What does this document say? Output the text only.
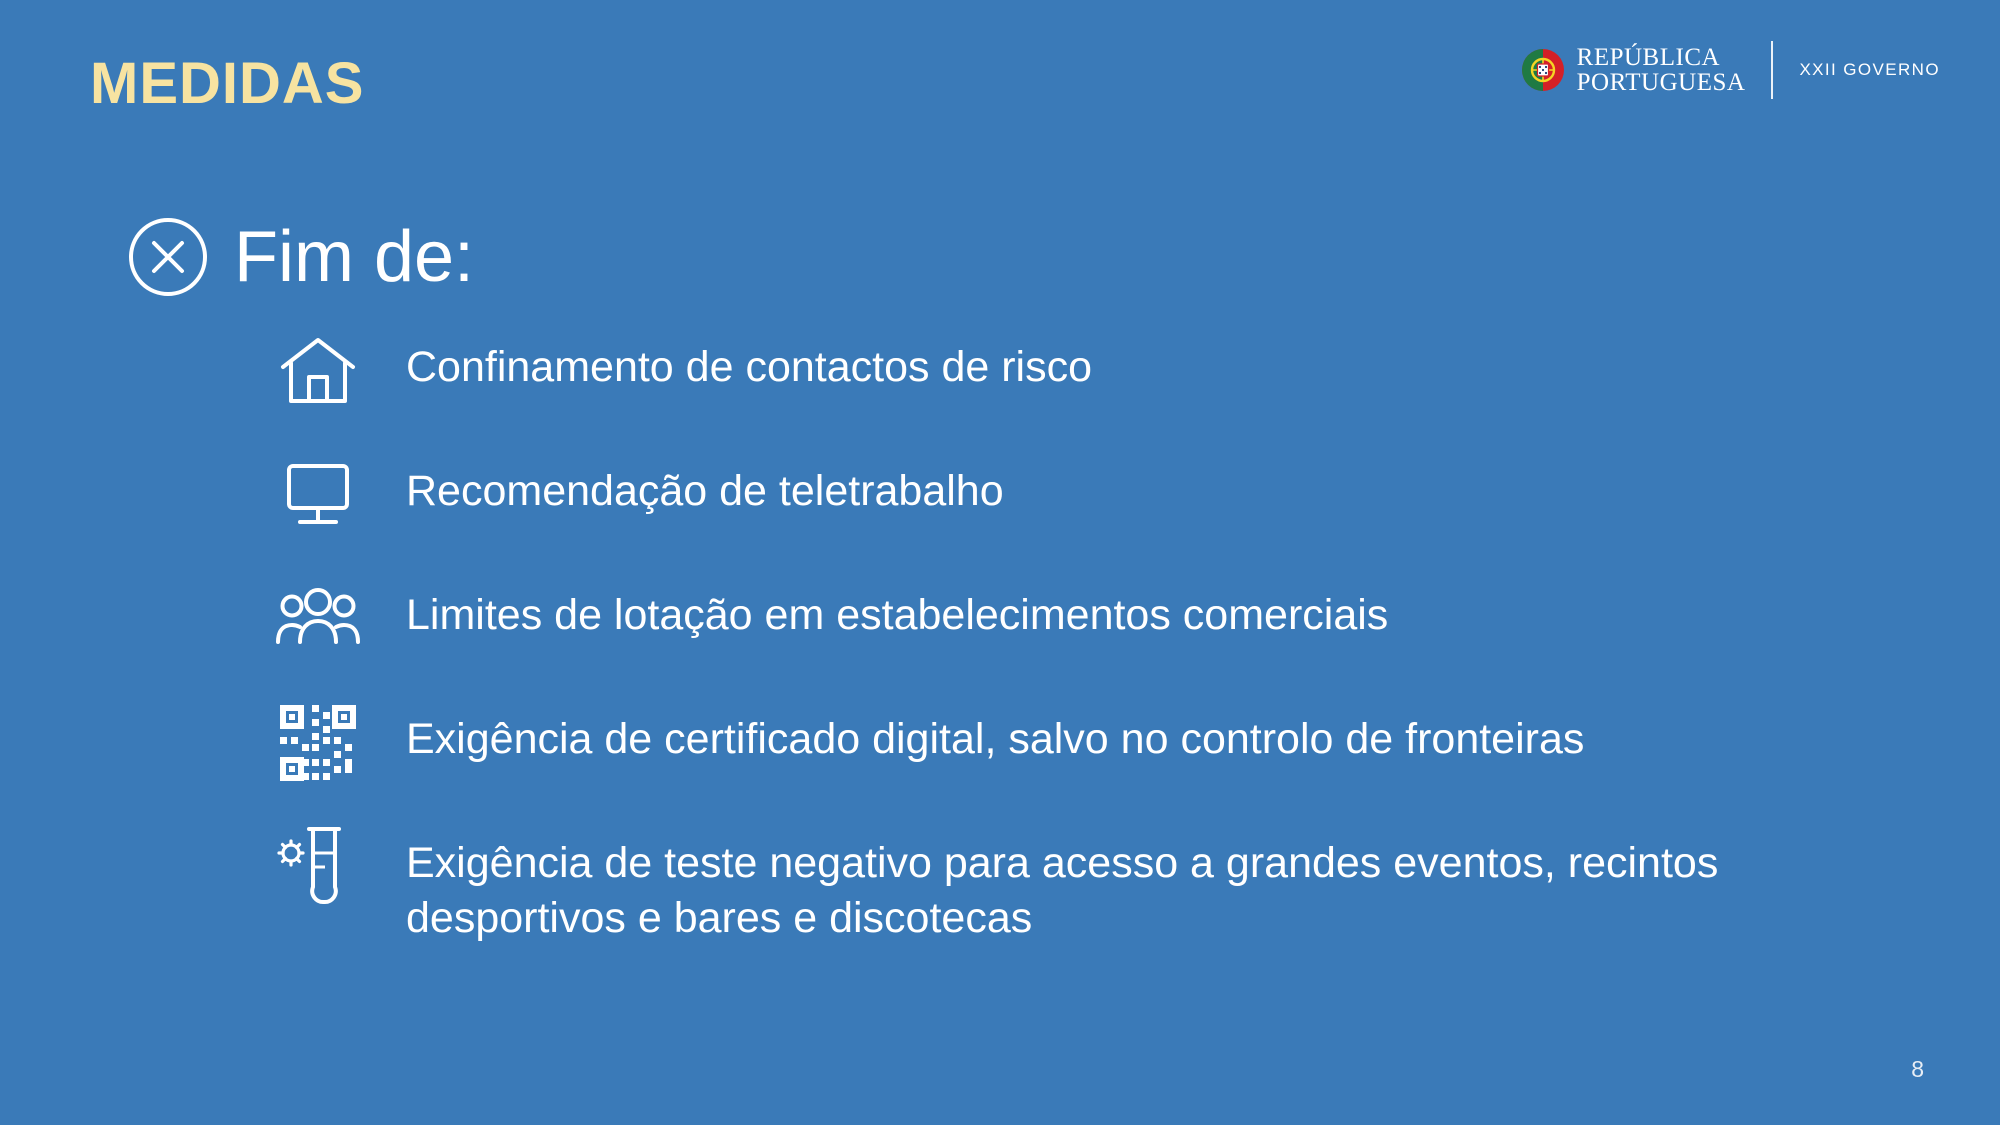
MEDIDAS	REPÚBLICA
PORTUGUESA	XXII GOVERNO
Fim de:
Confinamento de contactos de risco
Recomendação de teletrabalho
Limites de lotação em estabelecimentos comerciais
Exigência de certificado digital, salvo no controlo de fronteiras
Exigência de teste negativo para acesso a grandes eventos, recintos desportivos e bares e discotecas
8
